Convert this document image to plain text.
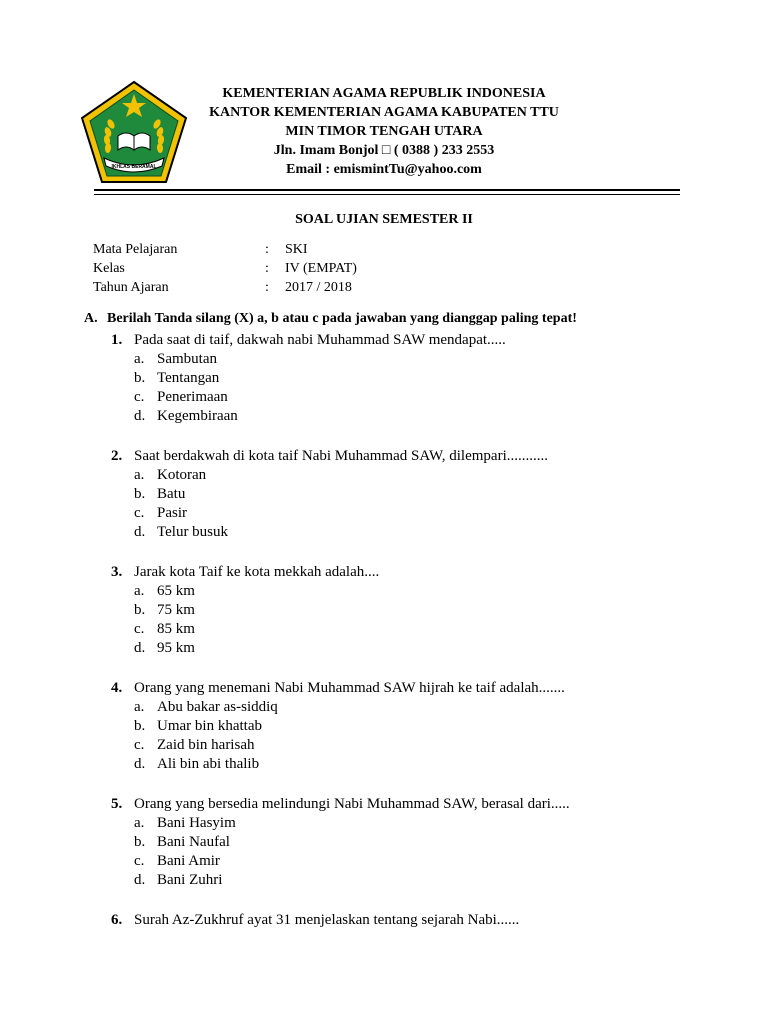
IKHLAS BERAMAL
KEMENTERIAN AGAMA REPUBLIK INDONESIA
KANTOR KEMENTERIAN AGAMA KABUPATEN TTU
MIN TIMOR TENGAH UTARA
Jln. Imam Bonjol □ ( 0388 ) 233 2553
Email : emismintTu@yahoo.com
SOAL UJIAN SEMESTER II
Mata Pelajaran	: SKI
Kelas	: IV (EMPAT)
Tahun Ajaran	: 2017 / 2018
A. Berilah Tanda silang (X) a, b atau c pada jawaban yang dianggap paling tepat!
1. Pada saat di taif, dakwah nabi Muhammad SAW mendapat.....
a. Sambutan
b. Tentangan
c. Penerimaan
d. Kegembiraan
2. Saat berdakwah di kota taif Nabi Muhammad SAW, dilempari...........
a. Kotoran
b. Batu
c. Pasir
d. Telur busuk
3. Jarak kota Taif ke kota mekkah adalah....
a. 65 km
b. 75 km
c. 85 km
d. 95 km
4. Orang yang menemani Nabi Muhammad SAW hijrah ke taif adalah.......
a. Abu bakar as-siddiq
b. Umar bin khattab
c. Zaid bin harisah
d. Ali bin abi thalib
5. Orang yang bersedia melindungi Nabi Muhammad SAW, berasal dari.....
a. Bani Hasyim
b. Bani Naufal
c. Bani Amir
d. Bani Zuhri
6. Surah Az-Zukhruf ayat 31 menjelaskan tentang sejarah Nabi......
